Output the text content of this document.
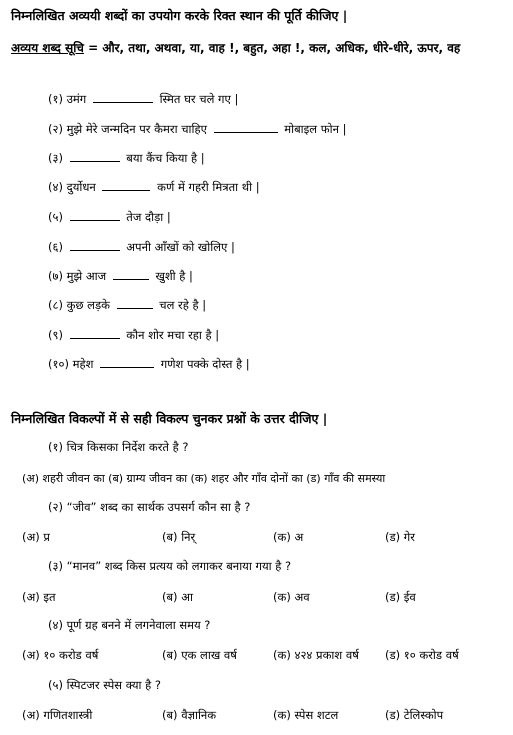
निम्नलिखित अव्ययी शब्दों का उपयोग करके रिक्त स्थान की पूर्ति कीजिए |
अव्यय शब्द सूचि = और, तथा, अथवा, या, वाह !, बहुत, अहा !, कल, अधिक, धीरे-धीरे, ऊपर, वह
(१) उमंग	स्मित घर चले गए |
(२) मुझे मेरे जन्मदिन पर कैमरा चाहिए	मोबाइल फोन |
(३)	बया कैंच किया है |
(४) दुर्योधन	कर्ण में गहरी मित्रता थी |
(५)	तेज दौड़ा |
(६)	अपनी आँखों को खोलिए |
(७) मुझे आज	खुशी है |
(८) कुछ लड़के	चल रहे है |
(९)	कौन शोर मचा रहा है |
(१०) महेश	गणेश पक्के दोस्त है |
निम्नलिखित विकल्पों में से सही विकल्प चुनकर प्रश्नों के उत्तर दीजिए |
(१) चित्र किसका निर्देश करते है ?
(अ) शहरी जीवन का (ब) ग्राम्य जीवन का (क) शहर और गाँव दोनों का (ड) गाँव की समस्या
(२) “जीव” शब्द का सार्थक उपसर्ग कौन सा है ?
(अ) प्र	(ब) निर्	(क) अ	(ड) गेर
(३) “मानव” शब्द किस प्रत्यय को लगाकर बनाया गया है ?
(अ) इत	(ब) आ	(क) अव	(ड) ईव
(४) पूर्ण ग्रह बनने में लगनेवाला समय ?
(अ) १० करोड वर्ष	(ब) एक लाख वर्ष	(क) ४२४ प्रकाश वर्ष (ड) १० करोड वर्ष
(५) स्पिटजर स्पेस क्या है ?
(अ) गणितशास्त्री	(ब) वैज्ञानिक	(क) स्पेस शटल	(ड) टेलिस्कोप
